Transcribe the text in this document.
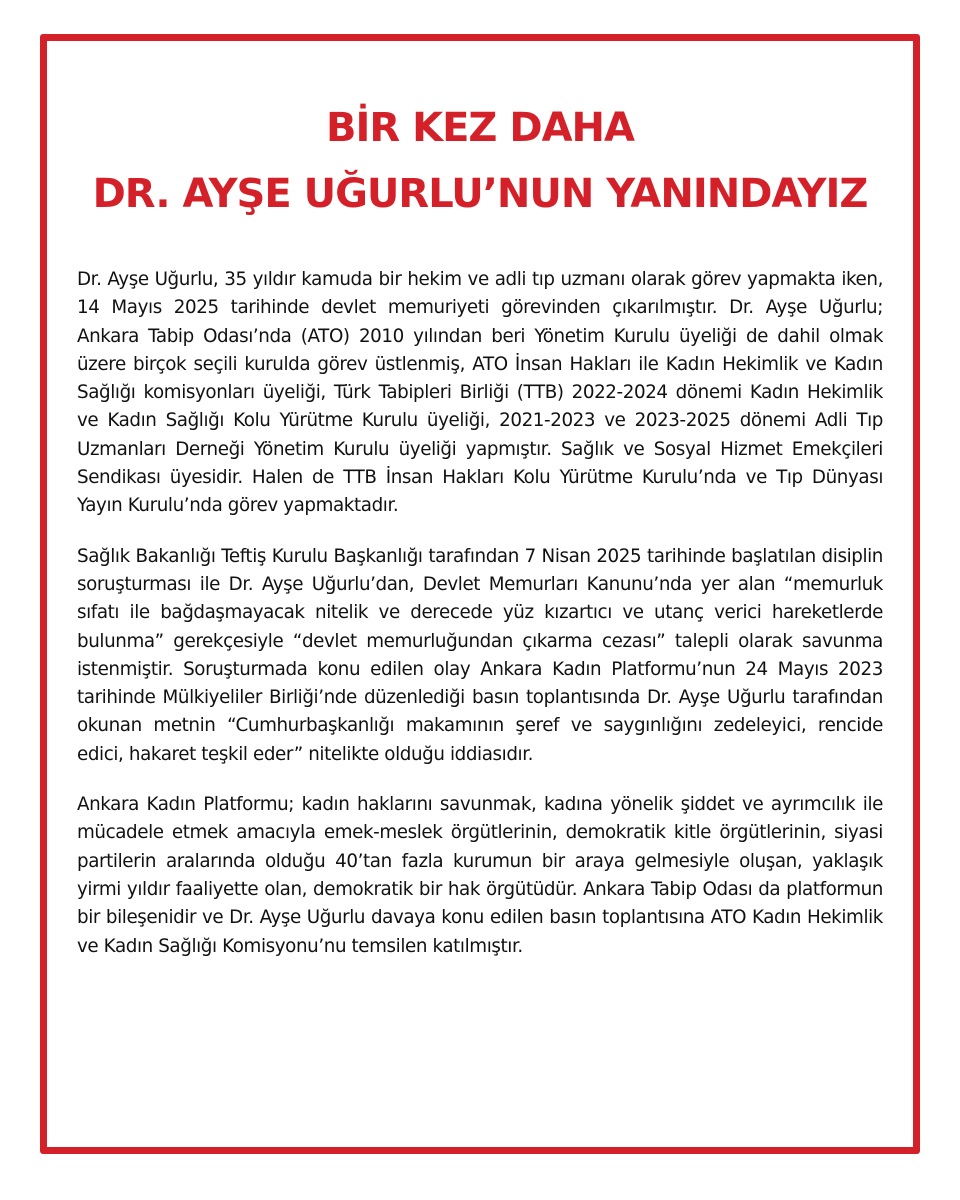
BİR KEZ DAHA
DR. AYŞE UĞURLU’NUN YANINDAYIZ

Dr. Ayşe Uğurlu, 35 yıldır kamuda bir hekim ve adli tıp uzmanı olarak görev yapmakta iken, 14 Mayıs 2025 tarihinde devlet memuriyeti görevinden çıkarılmıştır. Dr. Ayşe Uğurlu; Ankara Tabip Odası’nda (ATO) 2010 yılından beri Yönetim Kurulu üyeliği de dahil olmak üzere birçok seçili kurulda görev üstlenmiş, ATO İnsan Hakları ile Kadın Hekimlik ve Kadın Sağlığı komisyonları üyeliği, Türk Tabipleri Birliği (TTB) 2022-2024 dönemi Kadın Hekimlik ve Kadın Sağlığı Kolu Yürütme Kurulu üyeliği, 2021-2023 ve 2023-2025 dönemi Adli Tıp Uzmanları Derneği Yönetim Kurulu üyeliği yapmıştır. Sağlık ve Sosyal Hizmet Emekçileri Sendikası üyesidir. Halen de TTB İnsan Hakları Kolu Yürütme Kurulu’nda ve Tıp Dünyası Yayın Kurulu’nda görev yapmaktadır.

Sağlık Bakanlığı Teftiş Kurulu Başkanlığı tarafından 7 Nisan 2025 tarihinde başlatılan disiplin soruşturması ile Dr. Ayşe Uğurlu’dan, Devlet Memurları Kanunu’nda yer alan “memurluk sıfatı ile bağdaşmayacak nitelik ve derecede yüz kızartıcı ve utanç verici hareketlerde bulunma” gerekçesiyle “devlet memurluğundan çıkarma cezası” talepli olarak savunma istenmiştir. Soruşturmada konu edilen olay Ankara Kadın Platformu’nun 24 Mayıs 2023 tarihinde Mülkiyeliler Birliği’nde düzenlediği basın toplantısında Dr. Ayşe Uğurlu tarafından okunan metnin “Cumhurbaşkanlığı makamının şeref ve saygınlığını zedeleyici, rencide edici, hakaret teşkil eder” nitelikte olduğu iddiasıdır.

Ankara Kadın Platformu; kadın haklarını savunmak, kadına yönelik şiddet ve ayrımcılık ile mücadele etmek amacıyla emek-meslek örgütlerinin, demokratik kitle örgütlerinin, siyasi partilerin aralarında olduğu 40’tan fazla kurumun bir araya gelmesiyle oluşan, yaklaşık yirmi yıldır faaliyette olan, demokratik bir hak örgütüdür. Ankara Tabip Odası da platformun bir bileşenidir ve Dr. Ayşe Uğurlu davaya konu edilen basın toplantısına ATO Kadın Hekimlik ve Kadın Sağlığı Komisyonu’nu temsilen katılmıştır.
